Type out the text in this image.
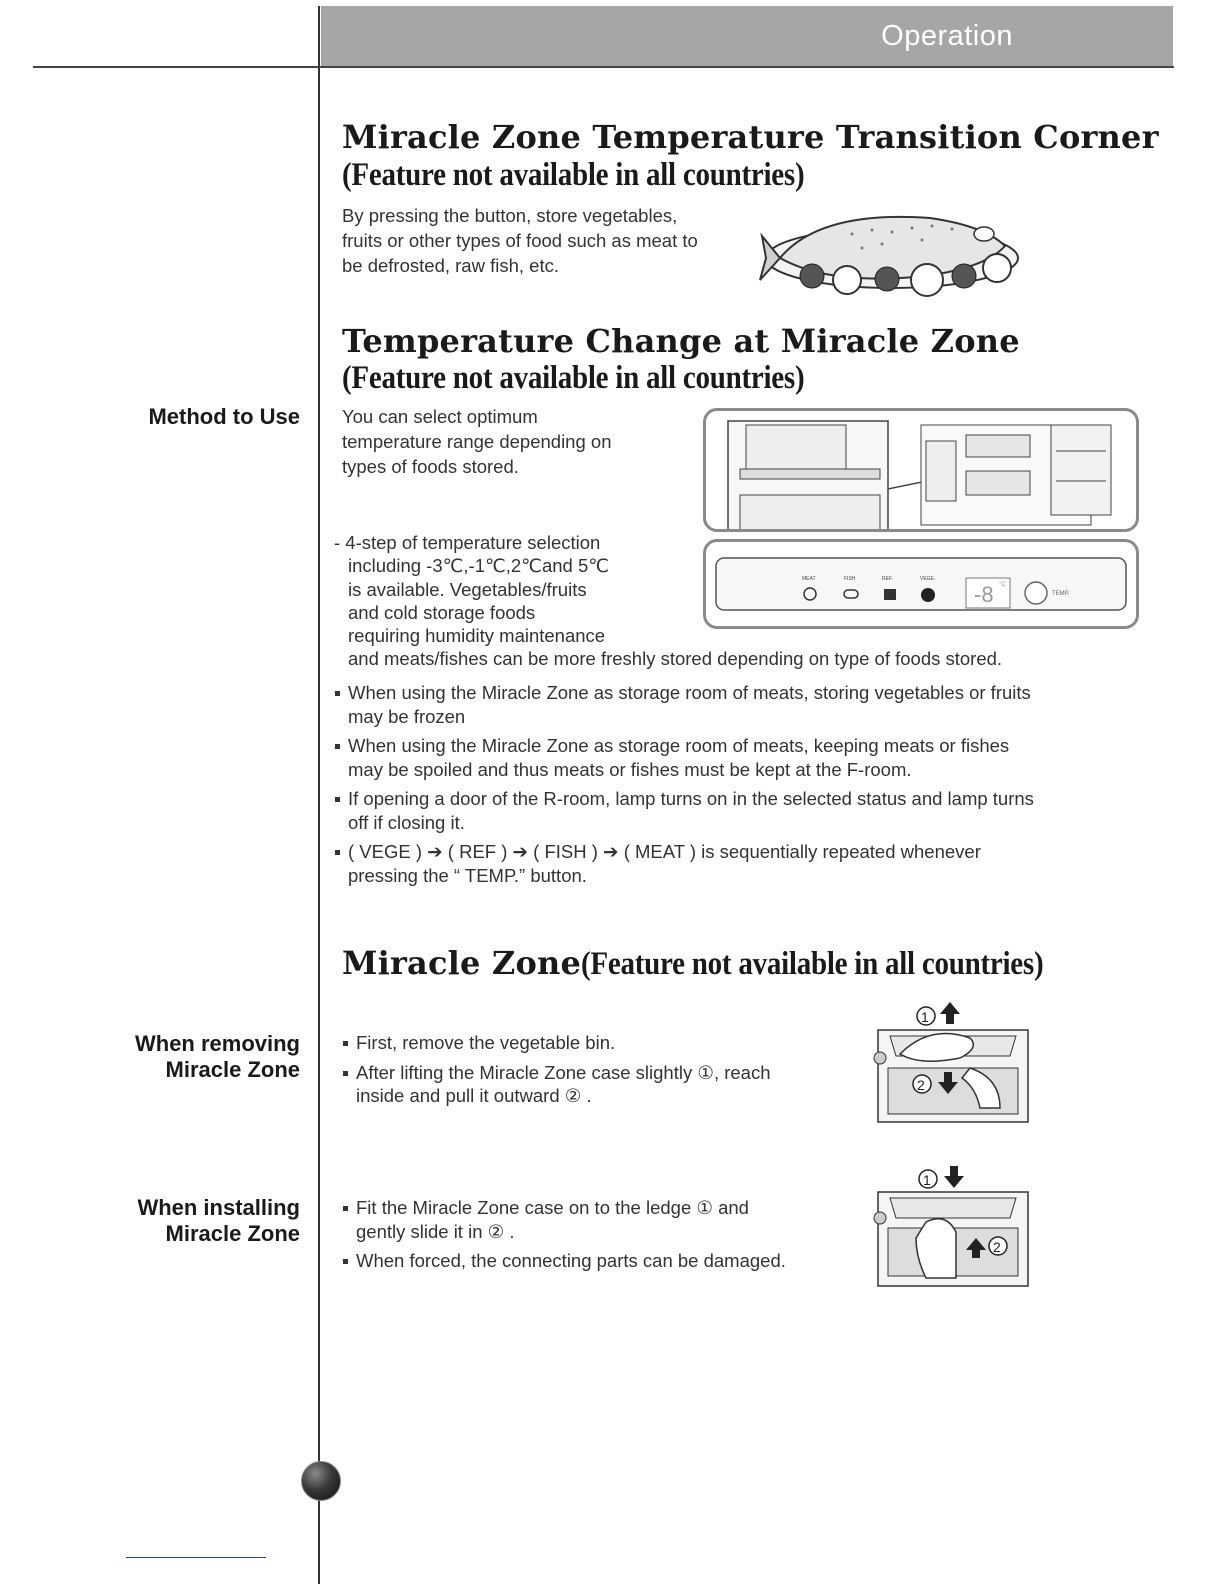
Operation
Miracle Zone Temperature Transition Corner
(Feature not available in all countries)
By pressing the button, store vegetables,
fruits or other types of food such as meat to
be defrosted, raw fish, etc.
Temperature Change at Miracle Zone
(Feature not available in all countries)
Method to Use You can select optimum
temperature range depending on
types of foods stored.
MEAT	FISH	REF.	VEGE.
-8 °C
TEMP.
- 4-step of temperature selection
including -3℃,-1℃,2℃and 5℃
is available. Vegetables/fruits
and cold storage foods
requiring humidity maintenance
and meats/fishes can be more freshly stored depending on type of foods stored.
When using the Miracle Zone as storage room of meats, storing vegetables or fruits
may be frozen
When using the Miracle Zone as storage room of meats, keeping meats or fishes
may be spoiled and thus meats or fishes must be kept at the F-room.
If opening a door of the R-room, lamp turns on in the selected status and lamp turns
off if closing it.
( VEGE ) ➔ ( REF ) ➔ ( FISH ) ➔ ( MEAT ) is sequentially repeated whenever
pressing the “ TEMP.” button.
Miracle Zone(Feature not available in all countries)
When removing
Miracle Zone
First, remove the vegetable bin.
After lifting the Miracle Zone case slightly ①, reach
inside and pull it outward ② .
1
2
When installing
Miracle Zone
Fit the Miracle Zone case on to the ledge ① and
gently slide it in ② .
When forced, the connecting parts can be damaged.
1
2
